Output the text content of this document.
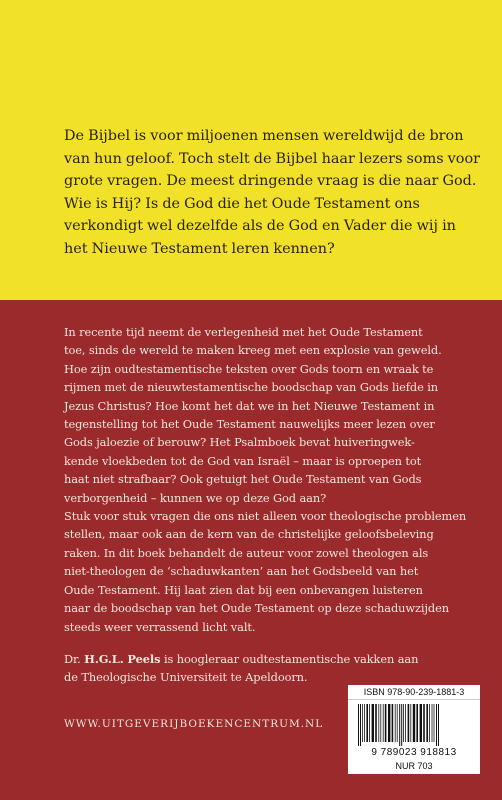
De Bijbel is voor miljoenen mensen wereldwijd de bron
van hun geloof. Toch stelt de Bijbel haar lezers soms voor
grote vragen. De meest dringende vraag is die naar God.
Wie is Hij? Is de God die het Oude Testament ons
verkondigt wel dezelfde als de God en Vader die wij in
het Nieuwe Testament leren kennen?

In recente tijd neemt de verlegenheid met het Oude Testament
toe, sinds de wereld te maken kreeg met een explosie van geweld.
Hoe zijn oudtestamentische teksten over Gods toorn en wraak te
rijmen met de nieuwtestamentische boodschap van Gods liefde in
Jezus Christus? Hoe komt het dat we in het Nieuwe Testament in
tegenstelling tot het Oude Testament nauwelijks meer lezen over
Gods jaloezie of berouw? Het Psalmboek bevat huiveringwek-
kende vloekbeden tot de God van Israël – maar is oproepen tot
haat niet strafbaar? Ook getuigt het Oude Testament van Gods
verborgenheid – kunnen we op deze God aan?
Stuk voor stuk vragen die ons niet alleen voor theologische problemen
stellen, maar ook aan de kern van de christelijke geloofsbeleving
raken. In dit boek behandelt de auteur voor zowel theologen als
niet-theologen de ‘schaduwkanten’ aan het Godsbeeld van het
Oude Testament. Hij laat zien dat bij een onbevangen luisteren
naar de boodschap van het Oude Testament op deze schaduwzijden
steeds weer verrassend licht valt.

Dr. H.G.L. Peels is hoogleraar oudtestamentische vakken aan
de Theologische Universiteit te Apeldoorn.

WWW.UITGEVERIJBOEKENCENTRUM.NL
ISBN 978-90-239-1881-3
9 789023 918813
NUR 703
